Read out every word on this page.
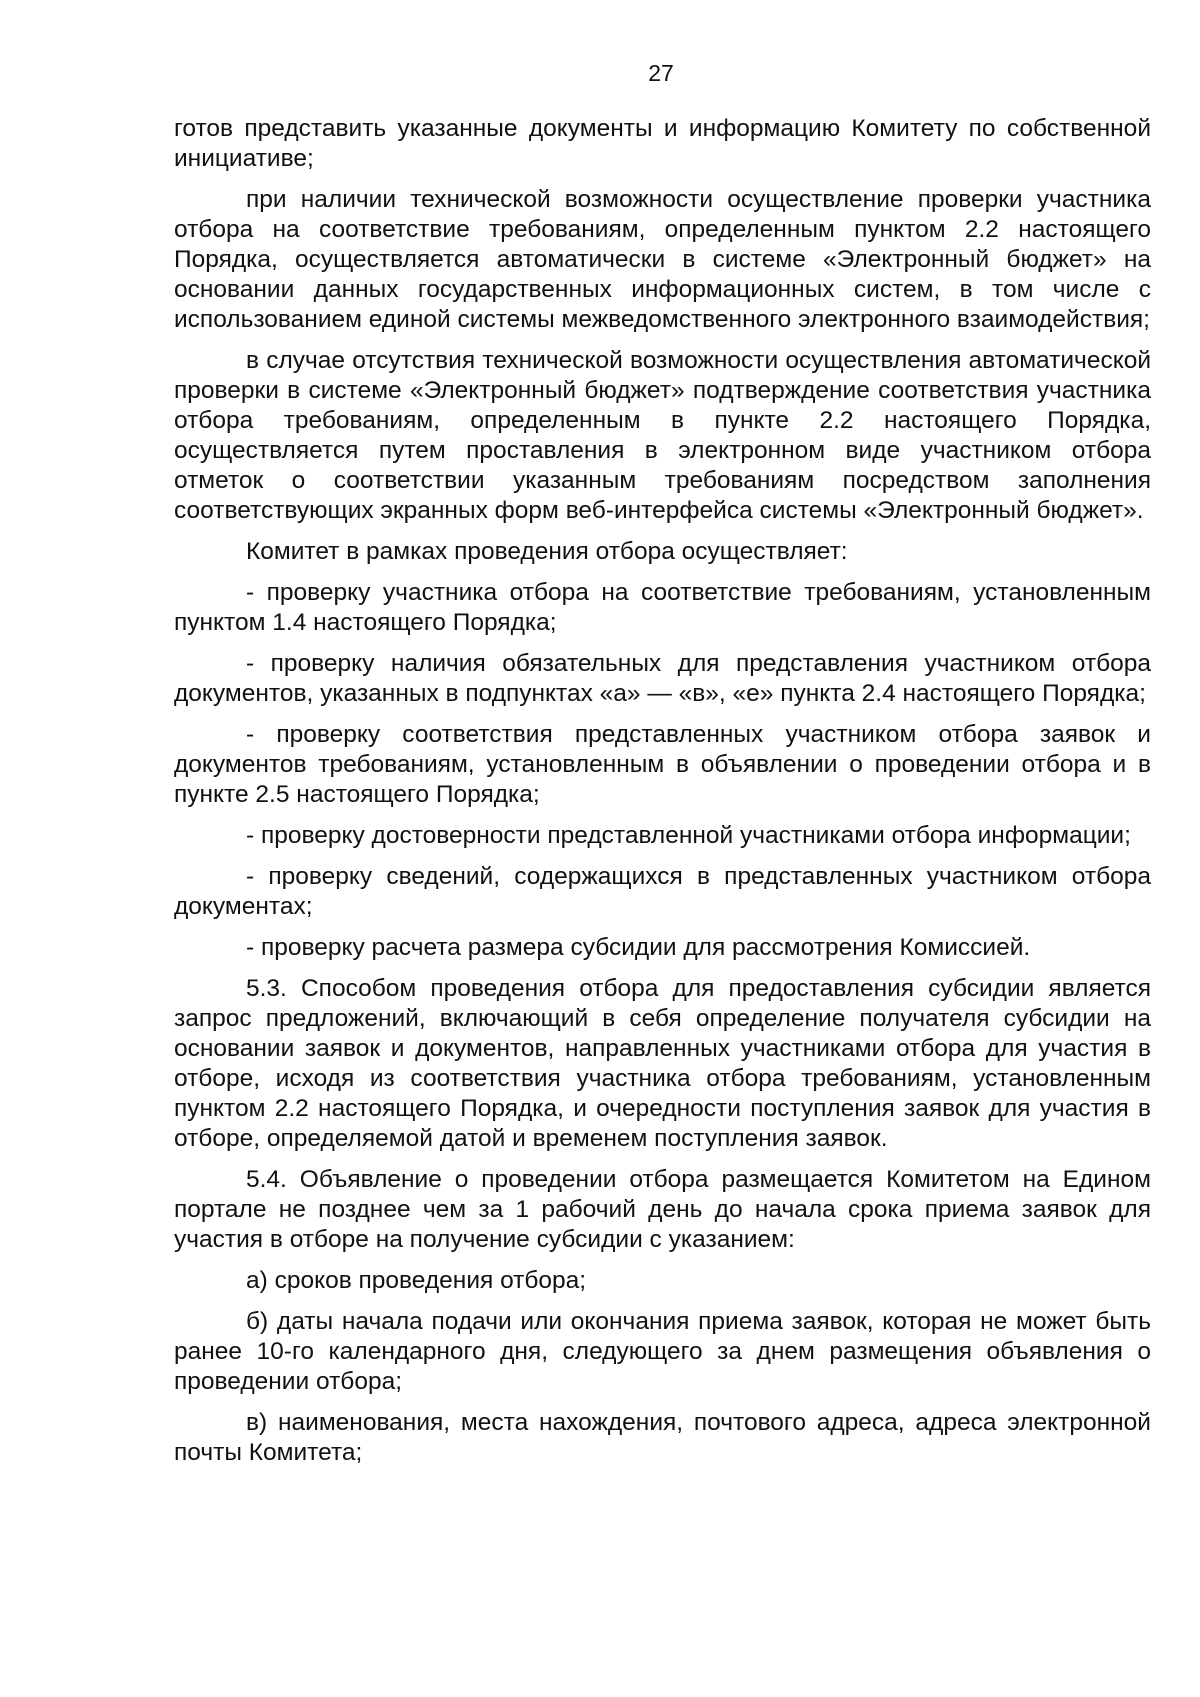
27

готов представить указанные документы и информацию Комитету по собственной инициативе;

при наличии технической возможности осуществление проверки участника отбора на соответствие требованиям, определенным пунктом 2.2 настоящего Порядка, осуществляется автоматически в системе «Электронный бюджет» на основании данных государственных информационных систем, в том числе с использованием единой системы межведомственного электронного взаимодействия;

в случае отсутствия технической возможности осуществления автоматической проверки в системе «Электронный бюджет» подтверждение соответствия участника отбора требованиям, определенным в пункте 2.2 настоящего Порядка, осуществляется путем проставления в электронном виде участником отбора отметок о соответствии указанным требованиям посредством заполнения соответствующих экранных форм веб-интерфейса системы «Электронный бюджет».

Комитет в рамках проведения отбора осуществляет:

- проверку участника отбора на соответствие требованиям, установленным пунктом 1.4 настоящего Порядка;

- проверку наличия обязательных для представления участником отбора документов, указанных в подпунктах «а» — «в», «е» пункта 2.4 настоящего Порядка;

- проверку соответствия представленных участником отбора заявок и документов требованиям, установленным в объявлении о проведении отбора и в пункте 2.5 настоящего Порядка;

- проверку достоверности представленной участниками отбора информации;

- проверку сведений, содержащихся в представленных участником отбора документах;

- проверку расчета размера субсидии для рассмотрения Комиссией.

5.3. Способом проведения отбора для предоставления субсидии является запрос предложений, включающий в себя определение получателя субсидии на основании заявок и документов, направленных участниками отбора для участия в отборе, исходя из соответствия участника отбора требованиям, установленным пунктом 2.2 настоящего Порядка, и очередности поступления заявок для участия в отборе, определяемой датой и временем поступления заявок.

5.4. Объявление о проведении отбора размещается Комитетом на Едином портале не позднее чем за 1 рабочий день до начала срока приема заявок для участия в отборе на получение субсидии с указанием:

а) сроков проведения отбора;

б) даты начала подачи или окончания приема заявок, которая не может быть ранее 10-го календарного дня, следующего за днем размещения объявления о проведении отбора;

в) наименования, места нахождения, почтового адреса, адреса электронной почты Комитета;
